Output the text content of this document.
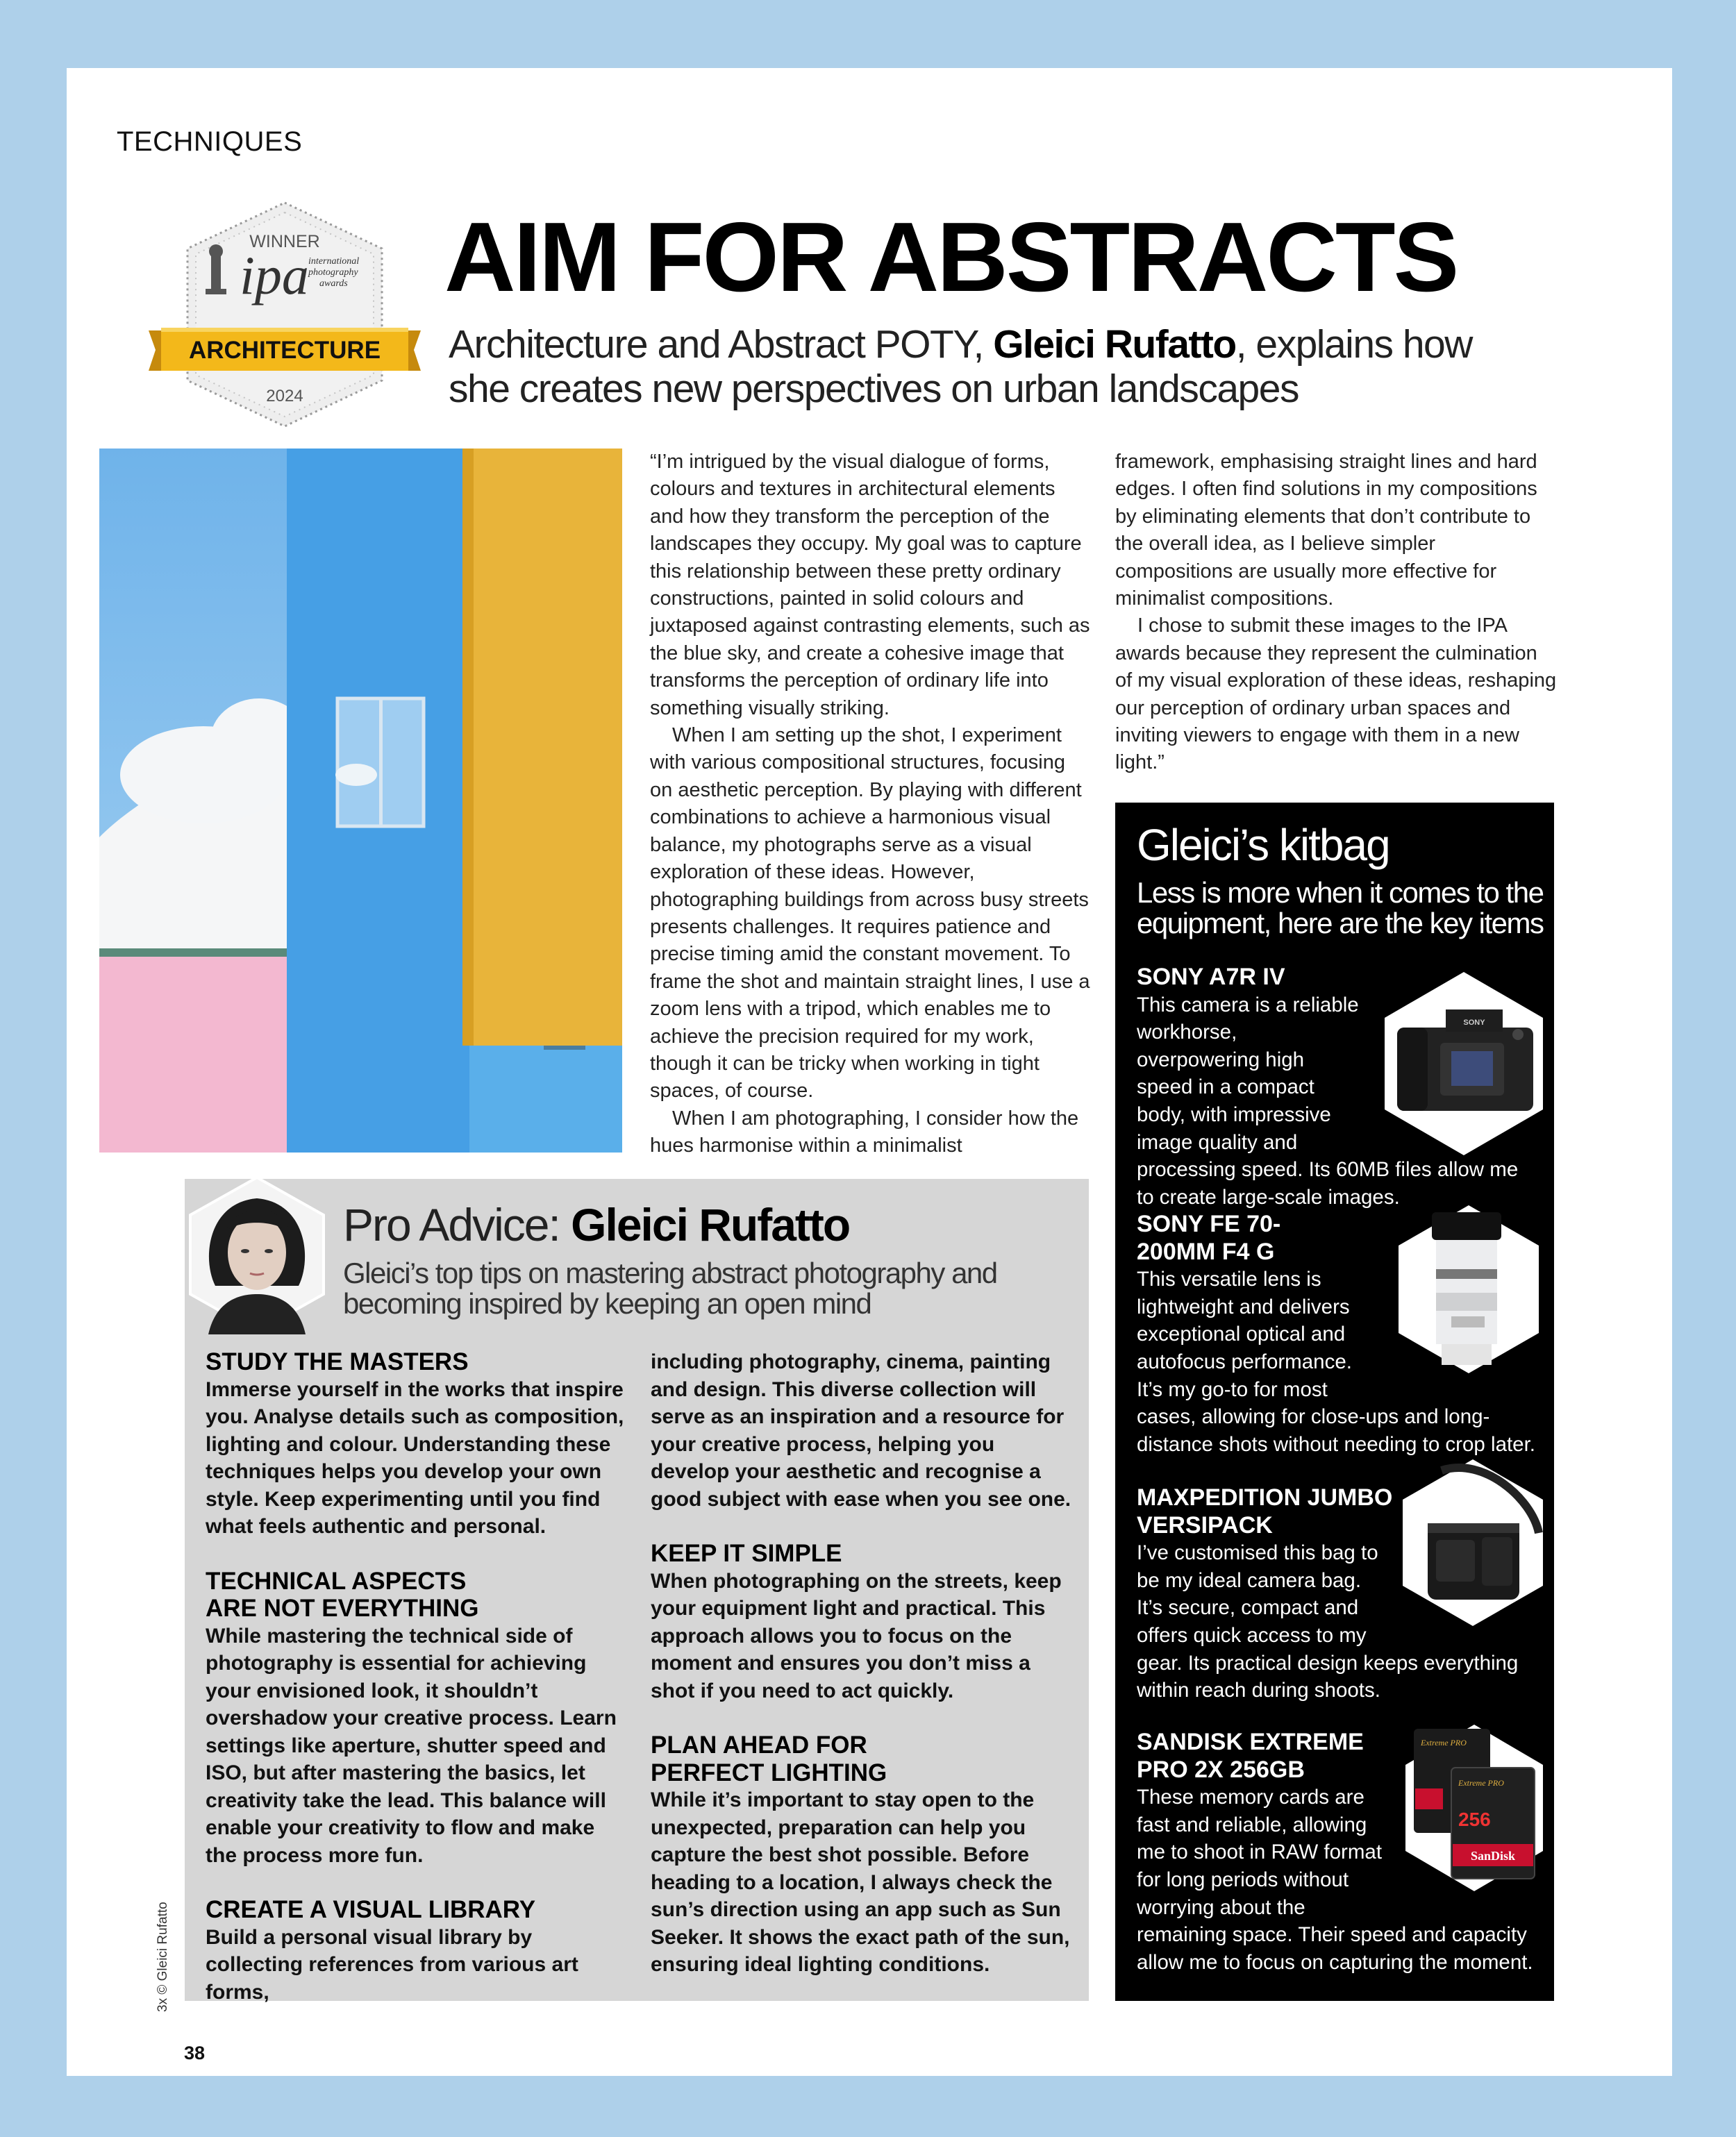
TECHNIQUES
WINNER
ipa international
photography
awards
ARCHITECTURE
2024
AIM FOR ABSTRACTS
Architecture and Abstract POTY, Gleici Rufatto, explains how she creates new perspectives on urban landscapes

“I’m intrigued by the visual dialogue of forms, colours and textures in architectural elements and how they transform the perception of the landscapes they occupy. My goal was to capture this relationship between these pretty ordinary constructions, painted in solid colours and juxtaposed against contrasting elements, such as the blue sky, and create a cohesive image that transforms the perception of ordinary life into something visually striking.

When I am setting up the shot, I experiment with various compositional structures, focusing on aesthetic perception. By playing with different combinations to achieve a harmonious visual balance, my photographs serve as a visual exploration of these ideas. However, photographing buildings from across busy streets presents challenges. It requires patience and precise timing amid the constant movement. To frame the shot and maintain straight lines, I use a zoom lens with a tripod, which enables me to achieve the precision required for my work, though it can be tricky when working in tight spaces, of course.

When I am photographing, I consider how the hues harmonise within a minimalist

framework, emphasising straight lines and hard edges. I often find solutions in my compositions by eliminating elements that don’t contribute to the overall idea, as I believe simpler compositions are usually more effective for minimalist compositions.

I chose to submit these images to the IPA awards because they represent the culmination of my visual exploration of these ideas, reshaping our perception of ordinary urban spaces and inviting viewers to engage with them in a new light.”

Pro Advice: Gleici Rufatto
Gleici’s top tips on mastering abstract photography and becoming inspired by keeping an open mind
STUDY THE MASTERS

Immerse yourself in the works that inspire you. Analyse details such as composition, lighting and colour. Understanding these techniques helps you develop your own style. Keep experimenting until you find what feels authentic and personal.

TECHNICAL ASPECTS ARE NOT EVERYTHING

While mastering the technical side of photography is essential for achieving your envisioned look, it shouldn’t overshadow your creative process. Learn settings like aperture, shutter speed and ISO, but after mastering the basics, let creativity take the lead. This balance will enable your creativity to flow and make the process more fun.

CREATE A VISUAL LIBRARY

Build a personal visual library by collecting references from various art forms,

including photography, cinema, painting and design. This diverse collection will serve as an inspiration and a resource for your creative process, helping you develop your aesthetic and recognise a good subject with ease when you see one.

KEEP IT SIMPLE

When photographing on the streets, keep your equipment light and practical. This approach allows you to focus on the moment and ensures you don’t miss a shot if you need to act quickly.

PLAN AHEAD FOR PERFECT LIGHTING

While it’s important to stay open to the unexpected, preparation can help you capture the best shot possible. Before heading to a location, I always check the sun’s direction using an app such as Sun Seeker. It shows the exact path of the sun, ensuring ideal lighting conditions.

Gleici’s kitbag
Less is more when it comes to the equipment, here are the key items
SONY
SONY A7R IV

This camera is a reliable workhorse, overpowering high speed in a compact body, with impressive image quality and processing speed. Its 60MB files allow me to create large-scale images.

SONY FE 70-200MM F4 G

This versatile lens is lightweight and delivers exceptional optical and autofocus performance. It’s my go-to for most cases, allowing for close-ups and long-distance shots without needing to crop later.

MAXPEDITION JUMBO VERSIPACK

I’ve customised this bag to be my ideal camera bag. It’s secure, compact and offers quick access to my gear. Its practical design keeps everything within reach during shoots.

Extreme PRO
Extreme PRO
256
SanDisk
SANDISK EXTREME PRO 2X 256GB

These memory cards are fast and reliable, allowing me to shoot in RAW format for long periods without worrying about the remaining space. Their speed and capacity allow me to focus on capturing the moment.

3x © Gleici Rufatto
38
